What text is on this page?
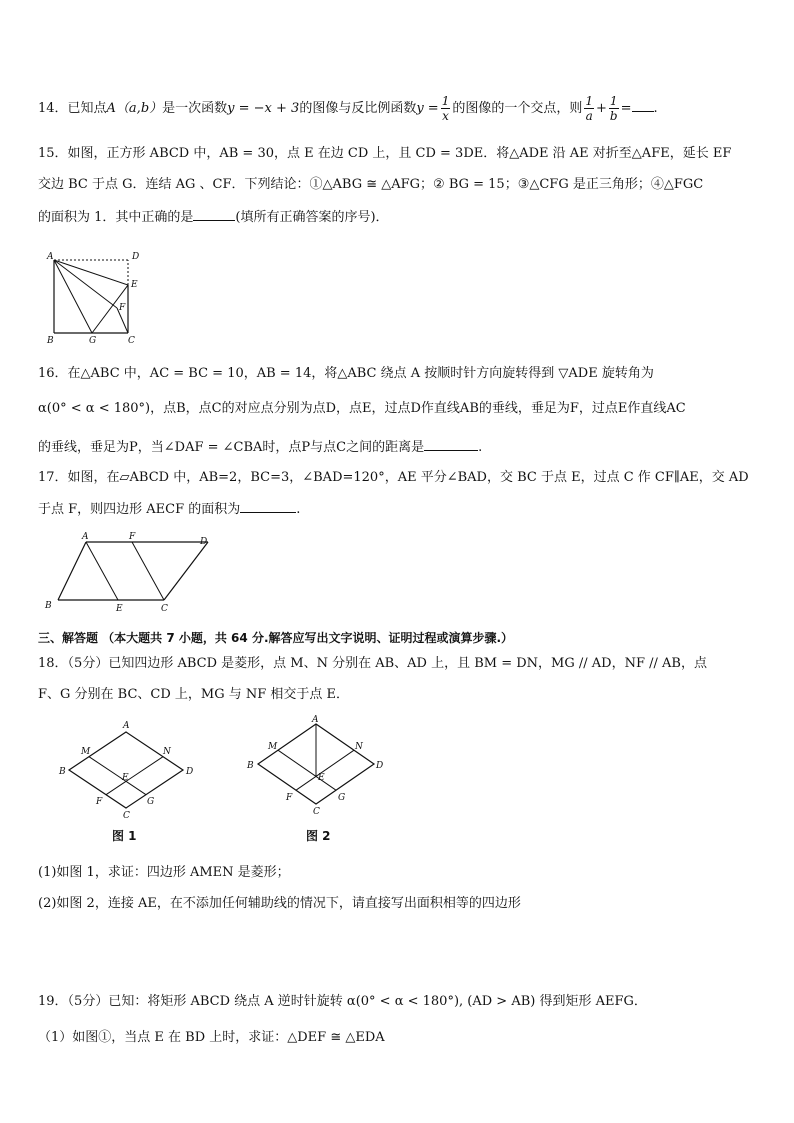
14．已知点A（a,b）是一次函数y = −x + 3的图像与反比例函数$y = \frac{1}{x}$ 的图像的一个交点，则 $\frac{1}{a} + \frac{1}{b}$ = .
15．如图，正方形 ABCD 中，AB = 30，点 E 在边 CD 上，且 CD = 3DE．将△ADE 沿 AE 对折至△AFE，延长 EF
交边 BC 于点 G．连结 AG 、CF．下列结论：①△ABG ≅ △AFG；② BG = 15；③△CFG 是正三角形；④△FGC
的面积为 1．其中正确的是	(填所有正确答案的序号)．
A	D
E
F
B	G	C
16．在△ABC 中，AC = BC = 10，AB = 14，将△ABC 绕点 A 按顺时针方向旋转得到 ▽ADE 旋转角为
α(0° < α < 180°)，点B，点C的对应点分别为点D，点E，过点D作直线AB的垂线，垂足为F，过点E作直线AC
的垂线，垂足为P，当∠DAF = ∠CBA时，点P与点C之间的距离是	.
17．如图，在▱ABCD 中，AB=2，BC=3，∠BAD=120°，AE 平分∠BAD，交 BC 于点 E，过点 C 作 CF∥AE，交 AD
于点 F，则四边形 AECF 的面积为	.
A	F	D
B	E	C
三、解答题 （本大题共 7 小题，共 64 分.解答应写出文字说明、证明过程或演算步骤.）
18．（5分）已知四边形 ABCD 是菱形，点 M、N 分别在 AB、AD 上，且 BM = DN，MG // AD，NF // AB，点
F、G 分别在 BC、CD 上，MG 与 NF 相交于点 E．
A
M	N
B
E
D
F	G
C
图 1
A
M	N
B
E
D
F	G
C
图 2
(1)如图 1，求证：四边形 AMEN 是菱形；
(2)如图 2，连接 AE，在不添加任何辅助线的情况下，请直接写出面积相等的四边形
19．（5分）已知：将矩形 ABCD 绕点 A 逆时针旋转 α(0° < α < 180°), (AD > AB) 得到矩形 AEFG．
（1）如图①，当点 E 在 BD 上时，求证：△DEF ≅ △EDA
